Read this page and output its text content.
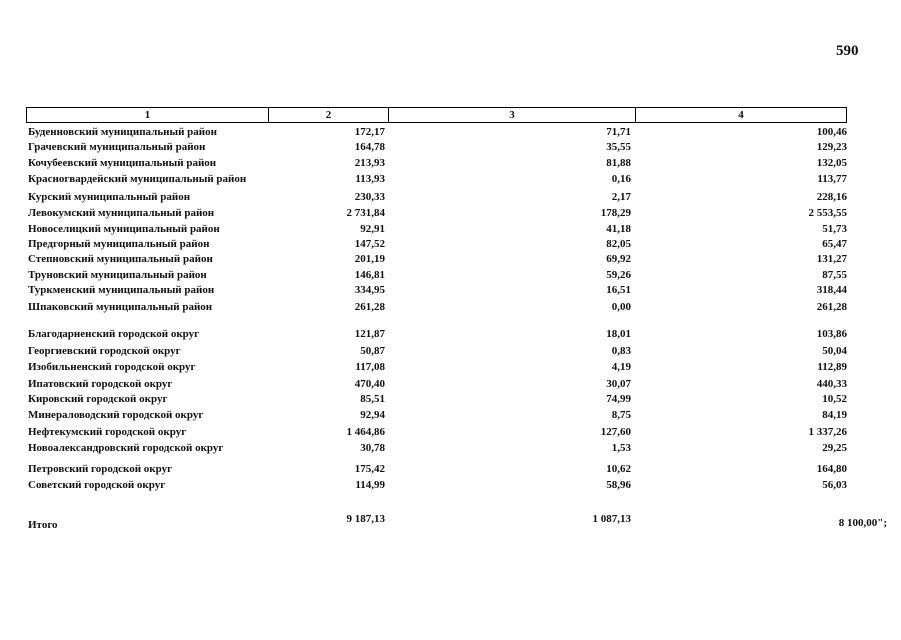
590
1	2	3	4
Буденновский муниципальный район	172,17	71,71	100,46
Грачевский муниципальный район	164,78	35,55	129,23
Кочубеевский муниципальный район	213,93	81,88	132,05
Красногвардейский муниципальный район	113,93	0,16	113,77
Курский муниципальный район	230,33	2,17	228,16
Левокумский муниципальный район	2 731,84	178,29	2 553,55
Новоселицкий муниципальный район	92,91	41,18	51,73
Предгорный муниципальный район	147,52	82,05	65,47
Степновский муниципальный район	201,19	69,92	131,27
Труновский муниципальный район	146,81	59,26	87,55
Туркменский муниципальный район	334,95	16,51	318,44
Шпаковский муниципальный район	261,28	0,00	261,28
Благодарненский городской округ	121,87	18,01	103,86
Георгиевский городской округ	50,87	0,83	50,04
Изобильненский городской округ	117,08	4,19	112,89
Ипатовский городской округ	470,40	30,07	440,33
Кировский городской округ	85,51	74,99	10,52
Минераловодский городской округ	92,94	8,75	84,19
Нефтекумский городской округ	1 464,86	127,60	1 337,26
Новоалександровский городской округ	30,78	1,53	29,25
Петровский городской округ	175,42	10,62	164,80
Советский городской округ	114,99	58,96	56,03
Итого	9 187,13	1 087,13	8 100,00";
